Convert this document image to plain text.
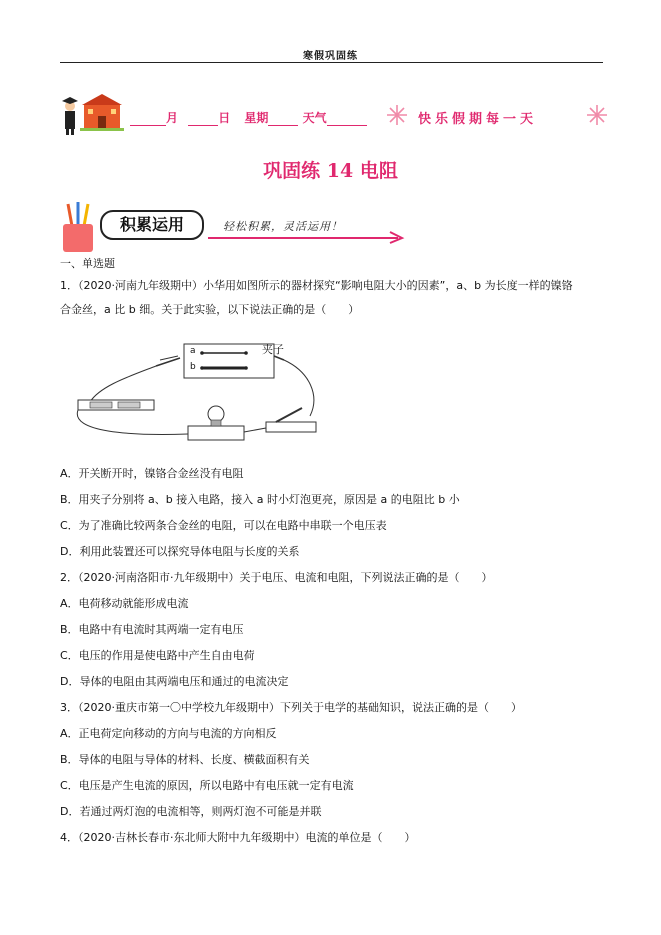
寒假巩固练
月	日 星期	天气	快乐假期每一天
巩固练 14 电阻
积累运用	轻松积累，灵活运用！
一、单选题
1．（2020·河南九年级期中）小华用如图所示的器材探究“影响电阻大小的因素”，a、b 为长度一样的镍铬
合金丝，a 比 b 细。关于此实验，以下说法正确的是（　　）
a
b
夹子
A．开关断开时，镍铬合金丝没有电阻
B．用夹子分别将 a、b 接入电路，接入 a 时小灯泡更亮，原因是 a 的电阻比 b 小
C．为了准确比较两条合金丝的电阻，可以在电路中串联一个电压表
D．利用此装置还可以探究导体电阻与长度的关系
2．（2020·河南洛阳市·九年级期中）关于电压、电流和电阻，下列说法正确的是（　　）
A．电荷移动就能形成电流
B．电路中有电流时其两端一定有电压
C．电压的作用是使电路中产生自由电荷
D．导体的电阻由其两端电压和通过的电流决定
3．（2020·重庆市第一〇中学校九年级期中）下列关于电学的基础知识，说法正确的是（　　）
A．正电荷定向移动的方向与电流的方向相反
B．导体的电阻与导体的材料、长度、横截面积有关
C．电压是产生电流的原因，所以电路中有电压就一定有电流
D．若通过两灯泡的电流相等，则两灯泡不可能是并联
4．（2020·吉林长春市·东北师大附中九年级期中）电流的单位是（　　）
